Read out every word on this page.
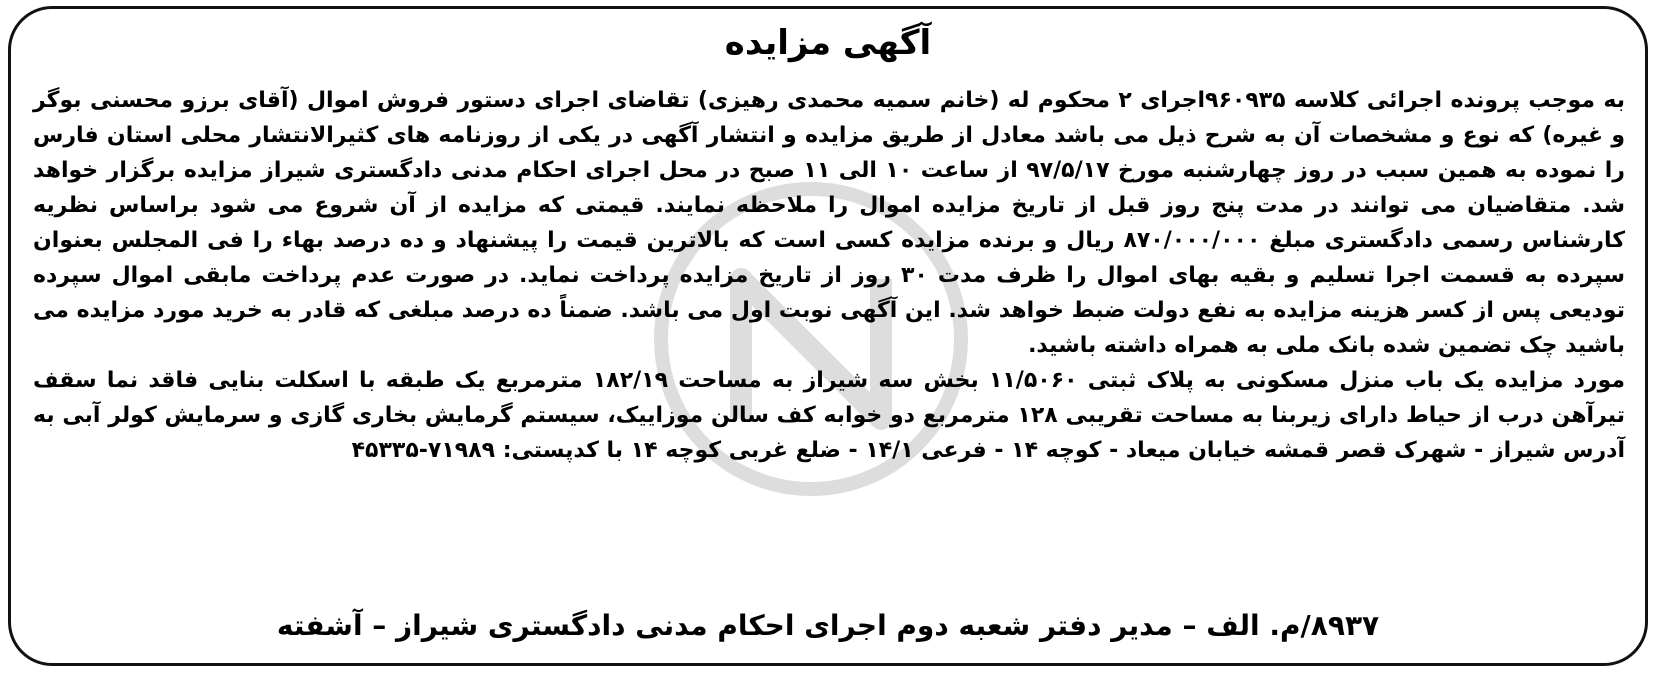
آگهی مزایده

به موجب پرونده اجرائی کلاسه ۹۶۰۹۳۵اجرای ۲ محکوم له (خانم سمیه محمدی رهیزی) تقاضای اجرای دستور فروش اموال (آقای برزو محسنی بوگر و غیره) که نوع و مشخصات آن به شرح ذیل می باشد معادل از طریق مزایده و انتشار آگهی در یکی از روزنامه های کثیرالانتشار محلی استان فارس را نموده به همین سبب در روز چهارشنبه مورخ ۹۷/۵/۱۷ از ساعت ۱۰ الی ۱۱ صبح در محل اجرای احکام مدنی دادگستری شیراز مزایده برگزار خواهد شد. متقاضیان می توانند در مدت پنج روز قبل از تاریخ مزایده اموال را ملاحظه نمایند. قیمتی که مزایده از آن شروع می شود براساس نظریه کارشناس رسمی دادگستری مبلغ ۸۷۰/۰۰۰/۰۰۰ ریال و برنده مزایده کسی است که بالاترین قیمت را پیشنهاد و ده درصد بهاء را فی المجلس بعنوان سپرده به قسمت اجرا تسلیم و بقیه بهای اموال را ظرف مدت ۳۰ روز از تاریخ مزایده پرداخت نماید. در صورت عدم پرداخت مابقی اموال سپرده تودیعی پس از کسر هزینه مزایده به نفع دولت ضبط خواهد شد. این آگهی نوبت اول می باشد. ضمناً ده درصد مبلغی که قادر به خرید مورد مزایده می باشید چک تضمین شده بانک ملی به همراه داشته باشید.

مورد مزایده یک باب منزل مسکونی به پلاک ثبتی ۱۱/۵۰۶۰ بخش سه شیراز به مساحت ۱۸۲/۱۹ مترمربع یک طبقه با اسکلت بنایی فاقد نما سقف تیرآهن درب از حیاط دارای زیربنا به مساحت تقریبی ۱۲۸ مترمربع دو خوابه کف سالن موزاییک، سیستم گرمایش بخاری گازی و سرمایش کولر آبی به آدرس شیراز - شهرک قصر قمشه خیابان میعاد - کوچه ۱۴ - فرعی ۱۴/۱ - ضلع غربی کوچه ۱۴ با کدپستی: ۷۱۹۸۹-۴۵۳۳۵

۸۹۳۷/م. الف – مدیر دفتر شعبه دوم اجرای احکام مدنی دادگستری شیراز – آشفته
